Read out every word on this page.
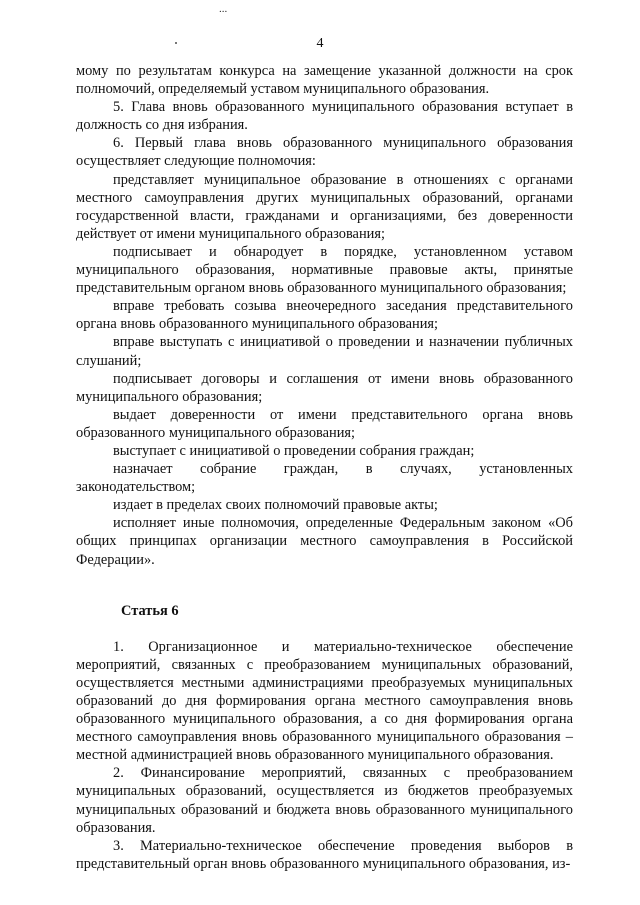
...
4

мому по результатам конкурса на замещение указанной должности на срок полномочий, определяемый уставом муниципального образования.

5. Глава вновь образованного муниципального образования вступает в должность со дня избрания.

6. Первый глава вновь образованного муниципального образования осуществляет следующие полномочия:

представляет муниципальное образование в отношениях с органами местного самоуправления других муниципальных образований, органами государственной власти, гражданами и организациями, без доверенности действует от имени муниципального образования;

подписывает и обнародует в порядке, установленном уставом муниципального образования, нормативные правовые акты, принятые представительным органом вновь образованного муниципального образования;

вправе требовать созыва внеочередного заседания представительного органа вновь образованного муниципального образования;

вправе выступать с инициативой о проведении и назначении публичных слушаний;

подписывает договоры и соглашения от имени вновь образованного муниципального образования;

выдает доверенности от имени представительного органа вновь образованного муниципального образования;

выступает с инициативой о проведении собрания граждан;

назначает собрание граждан, в случаях, установленных законодательством;

издает в пределах своих полномочий правовые акты;

исполняет иные полномочия, определенные Федеральным законом «Об общих принципах организации местного самоуправления в Российской Федерации».

Статья 6

1. Организационное и материально-техническое обеспечение мероприятий, связанных с преобразованием муниципальных образований, осуществляется местными администрациями преобразуемых муниципальных образований до дня формирования органа местного самоуправления вновь образованного муниципального образования, а со дня формирования органа местного самоуправления вновь образованного муниципального образования – местной администрацией вновь образованного муниципального образования.

2. Финансирование мероприятий, связанных с преобразованием муниципальных образований, осуществляется из бюджетов преобразуемых муниципальных образований и бюджета вновь образованного муниципального образования.

3. Материально-техническое обеспечение проведения выборов в представительный орган вновь образованного муниципального образования, из-
